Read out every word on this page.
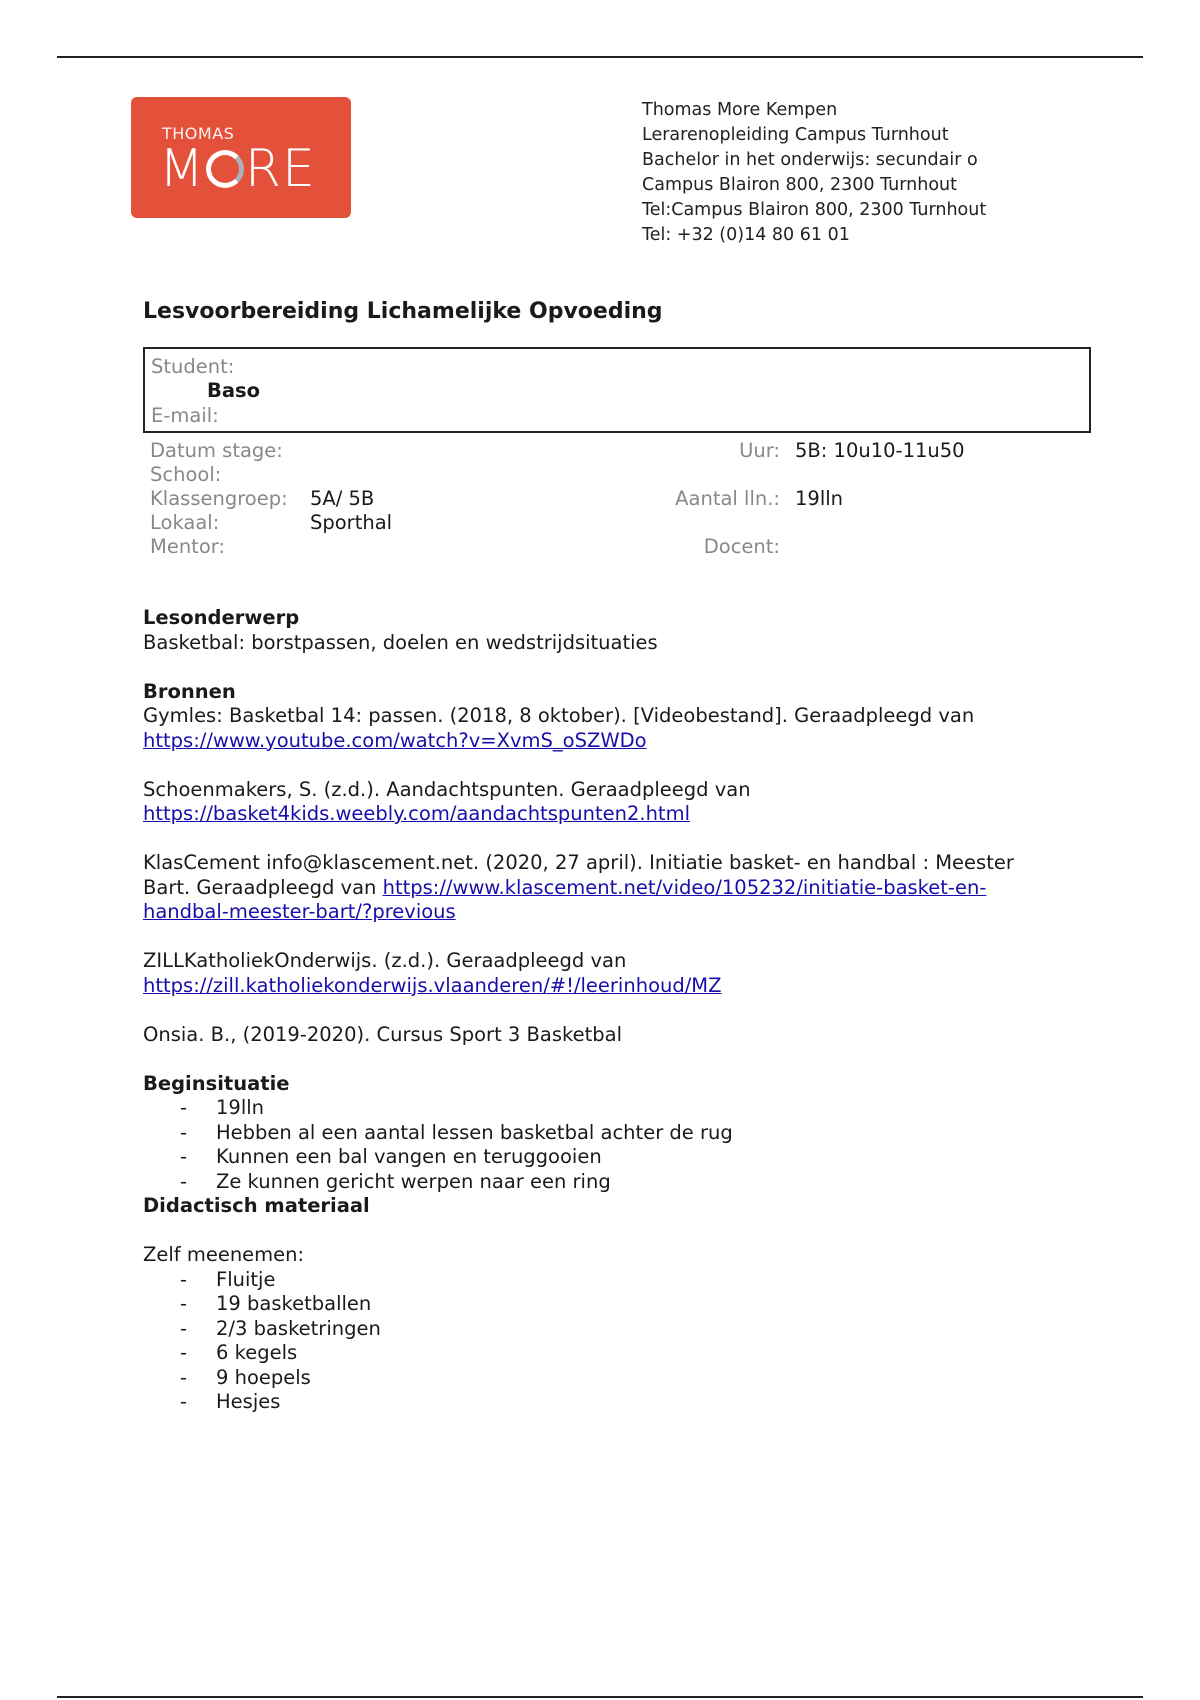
THOMAS
M RE
Thomas More Kempen
Lerarenopleiding Campus Turnhout
Bachelor in het onderwijs: secundair o
Campus Blairon 800, 2300 Turnhout
Tel:Campus Blairon 800, 2300 Turnhout
Tel: +32 (0)14 80 61 01
Lesvoorbereiding Lichamelijke Opvoeding
Student:
Baso
E-mail:
Datum stage:	Uur: 5B: 10u10-11u50
School:
Klassengroep: 5A/ 5B	Aantal lln.: 19lln
Lokaal:	Sporthal
Mentor:	Docent:
Lesonderwerp

Basketbal: borstpassen, doelen en wedstrijdsituaties

Bronnen

Gymles: Basketbal 14: passen. (2018, 8 oktober). [Videobestand]. Geraadpleegd van

https://www.youtube.com/watch?v=XvmS_oSZWDo

Schoenmakers, S. (z.d.). Aandachtspunten. Geraadpleegd van

https://basket4kids.weebly.com/aandachtspunten2.html

KlasCement info@klascement.net. (2020, 27 april). Initiatie basket- en handbal : Meester

Bart. Geraadpleegd van https://www.klascement.net/video/105232/initiatie-basket-en-

handbal-meester-bart/?previous

ZILLKatholiekOnderwijs. (z.d.). Geraadpleegd van

https://zill.katholiekonderwijs.vlaanderen/#!/leerinhoud/MZ

Onsia. B., (2019-2020). Cursus Sport 3 Basketbal

Beginsituatie
- 19lln
- Hebben al een aantal lessen basketbal achter de rug
- Kunnen een bal vangen en teruggooien
- Ze kunnen gericht werpen naar een ring
Didactisch materiaal

Zelf meenemen:

- Fluitje
- 19 basketballen
- 2/3 basketringen
- 6 kegels
- 9 hoepels
- Hesjes
